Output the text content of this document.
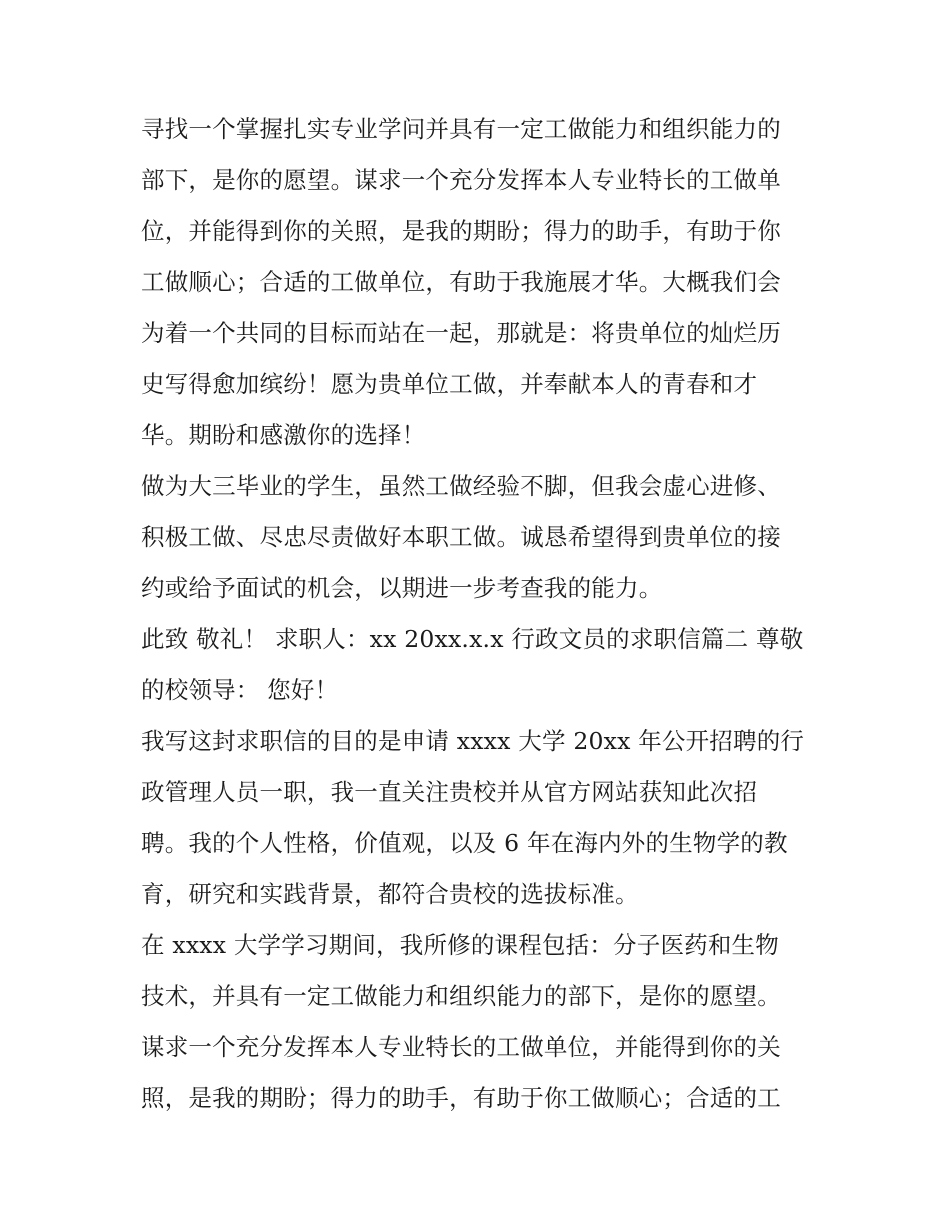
寻找一个掌握扎实专业学问并具有一定工做能力和组织能力的
部下，是你的愿望。谋求一个充分发挥本人专业特长的工做单
位，并能得到你的关照，是我的期盼；得力的助手，有助于你
工做顺心；合适的工做单位，有助于我施展才华。大概我们会
为着一个共同的目标而站在一起，那就是：将贵单位的灿烂历
史写得愈加缤纷！愿为贵单位工做，并奉献本人的青春和才
华。期盼和感激你的选择！
做为大三毕业的学生，虽然工做经验不脚，但我会虚心进修、
积极工做、尽忠尽责做好本职工做。诚恳希望得到贵单位的接
约或给予面试的机会，以期进一步考查我的能力。
此致 敬礼！ 求职人：xx 20xx.x.x 行政文员的求职信篇二 尊敬
的校领导： 您好！
我写这封求职信的目的是申请 xxxx 大学 20xx 年公开招聘的行
政管理人员一职，我一直关注贵校并从官方网站获知此次招
聘。我的个人性格，价值观，以及 6 年在海内外的生物学的教
育，研究和实践背景，都符合贵校的选拔标准。
在 xxxx 大学学习期间，我所修的课程包括：分子医药和生物
技术，并具有一定工做能力和组织能力的部下，是你的愿望。
谋求一个充分发挥本人专业特长的工做单位，并能得到你的关
照，是我的期盼；得力的助手，有助于你工做顺心；合适的工
